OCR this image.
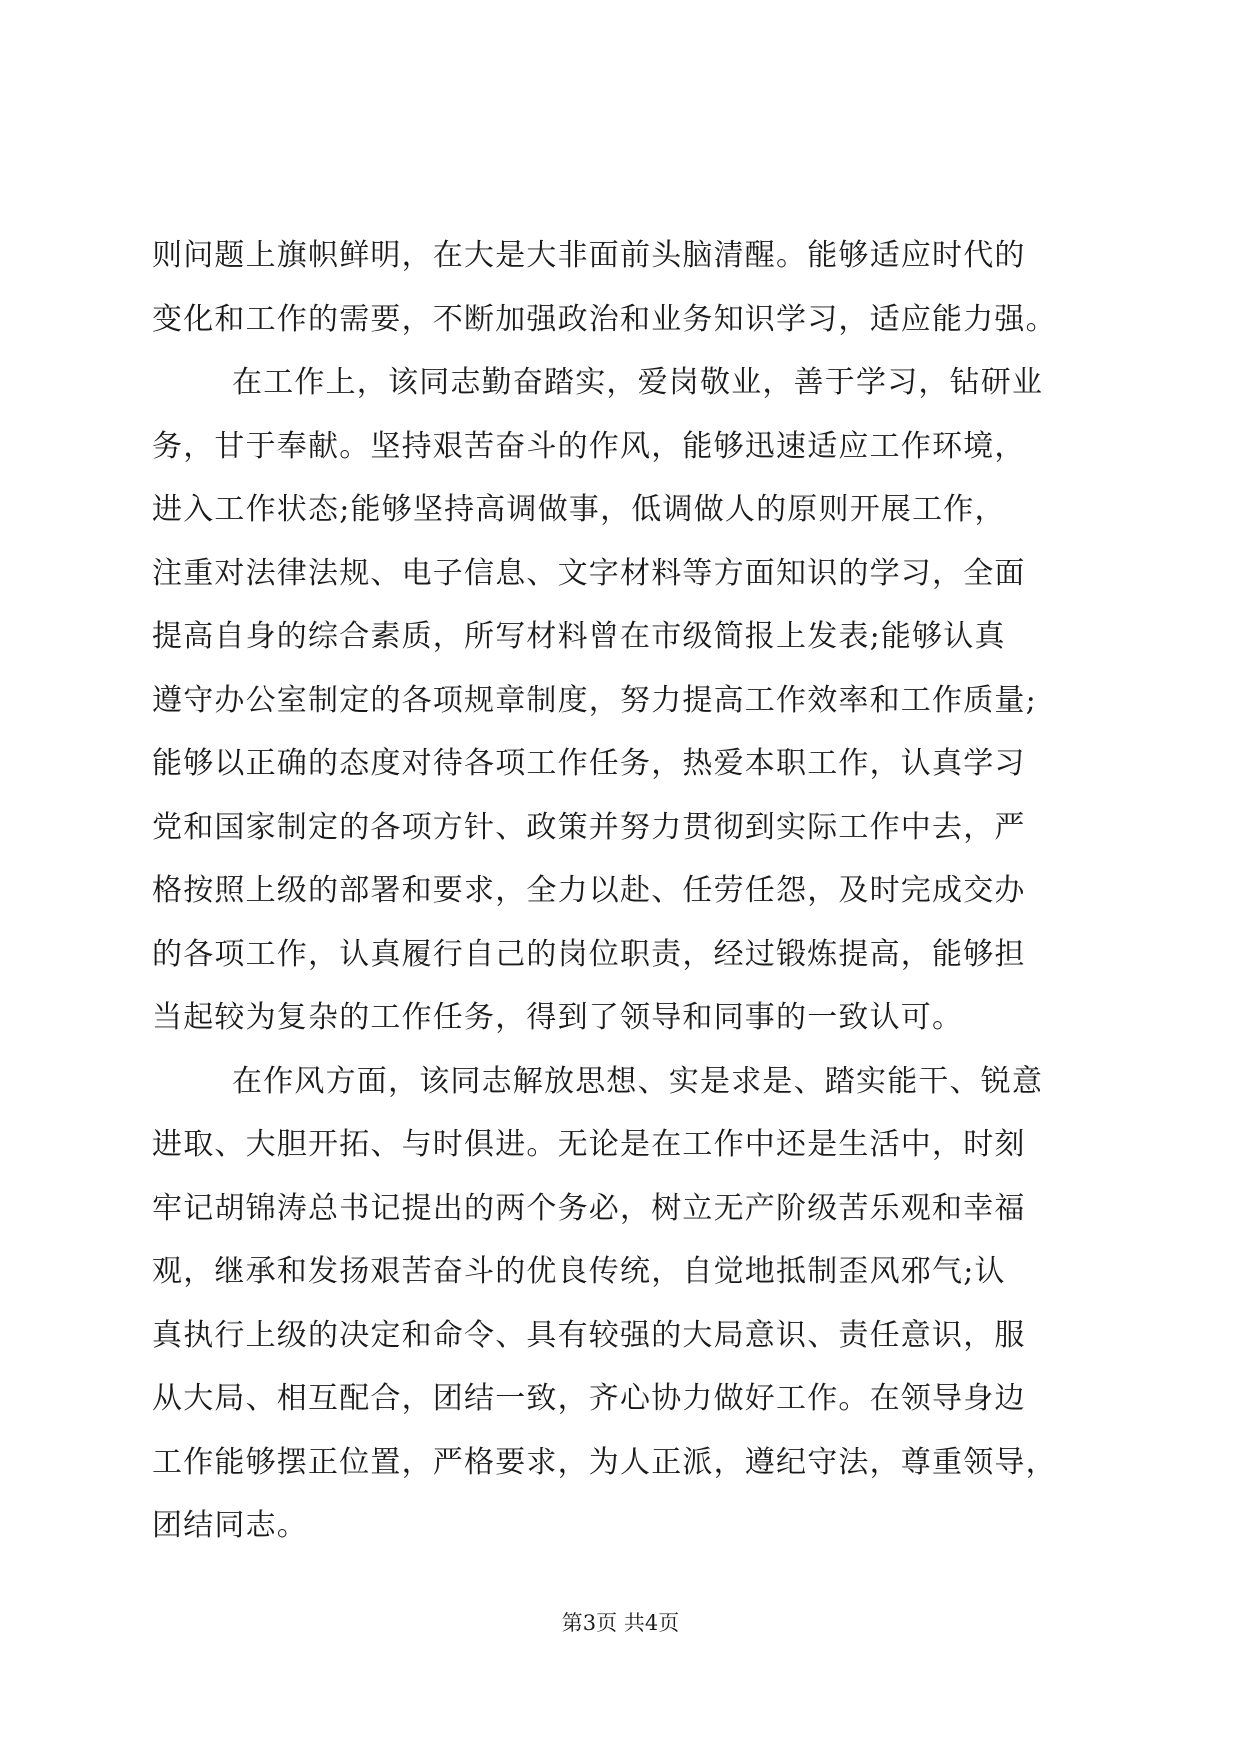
则问题上旗帜鲜明，在大是大非面前头脑清醒。能够适应时代的
变化和工作的需要，不断加强政治和业务知识学习，适应能力强。
在工作上，该同志勤奋踏实，爱岗敬业，善于学习，钻研业
务，甘于奉献。坚持艰苦奋斗的作风，能够迅速适应工作环境，
进入工作状态;能够坚持高调做事，低调做人的原则开展工作，
注重对法律法规、电子信息、文字材料等方面知识的学习，全面
提高自身的综合素质，所写材料曾在市级简报上发表;能够认真
遵守办公室制定的各项规章制度，努力提高工作效率和工作质量;
能够以正确的态度对待各项工作任务，热爱本职工作，认真学习
党和国家制定的各项方针、政策并努力贯彻到实际工作中去，严
格按照上级的部署和要求，全力以赴、任劳任怨，及时完成交办
的各项工作，认真履行自己的岗位职责，经过锻炼提高，能够担
当起较为复杂的工作任务，得到了领导和同事的一致认可。
在作风方面，该同志解放思想、实是求是、踏实能干、锐意
进取、大胆开拓、与时俱进。无论是在工作中还是生活中，时刻
牢记胡锦涛总书记提出的两个务必，树立无产阶级苦乐观和幸福
观，继承和发扬艰苦奋斗的优良传统，自觉地抵制歪风邪气;认
真执行上级的决定和命令、具有较强的大局意识、责任意识，服
从大局、相互配合，团结一致，齐心协力做好工作。在领导身边
工作能够摆正位置，严格要求，为人正派，遵纪守法，尊重领导，
团结同志。
第3页 共4页
